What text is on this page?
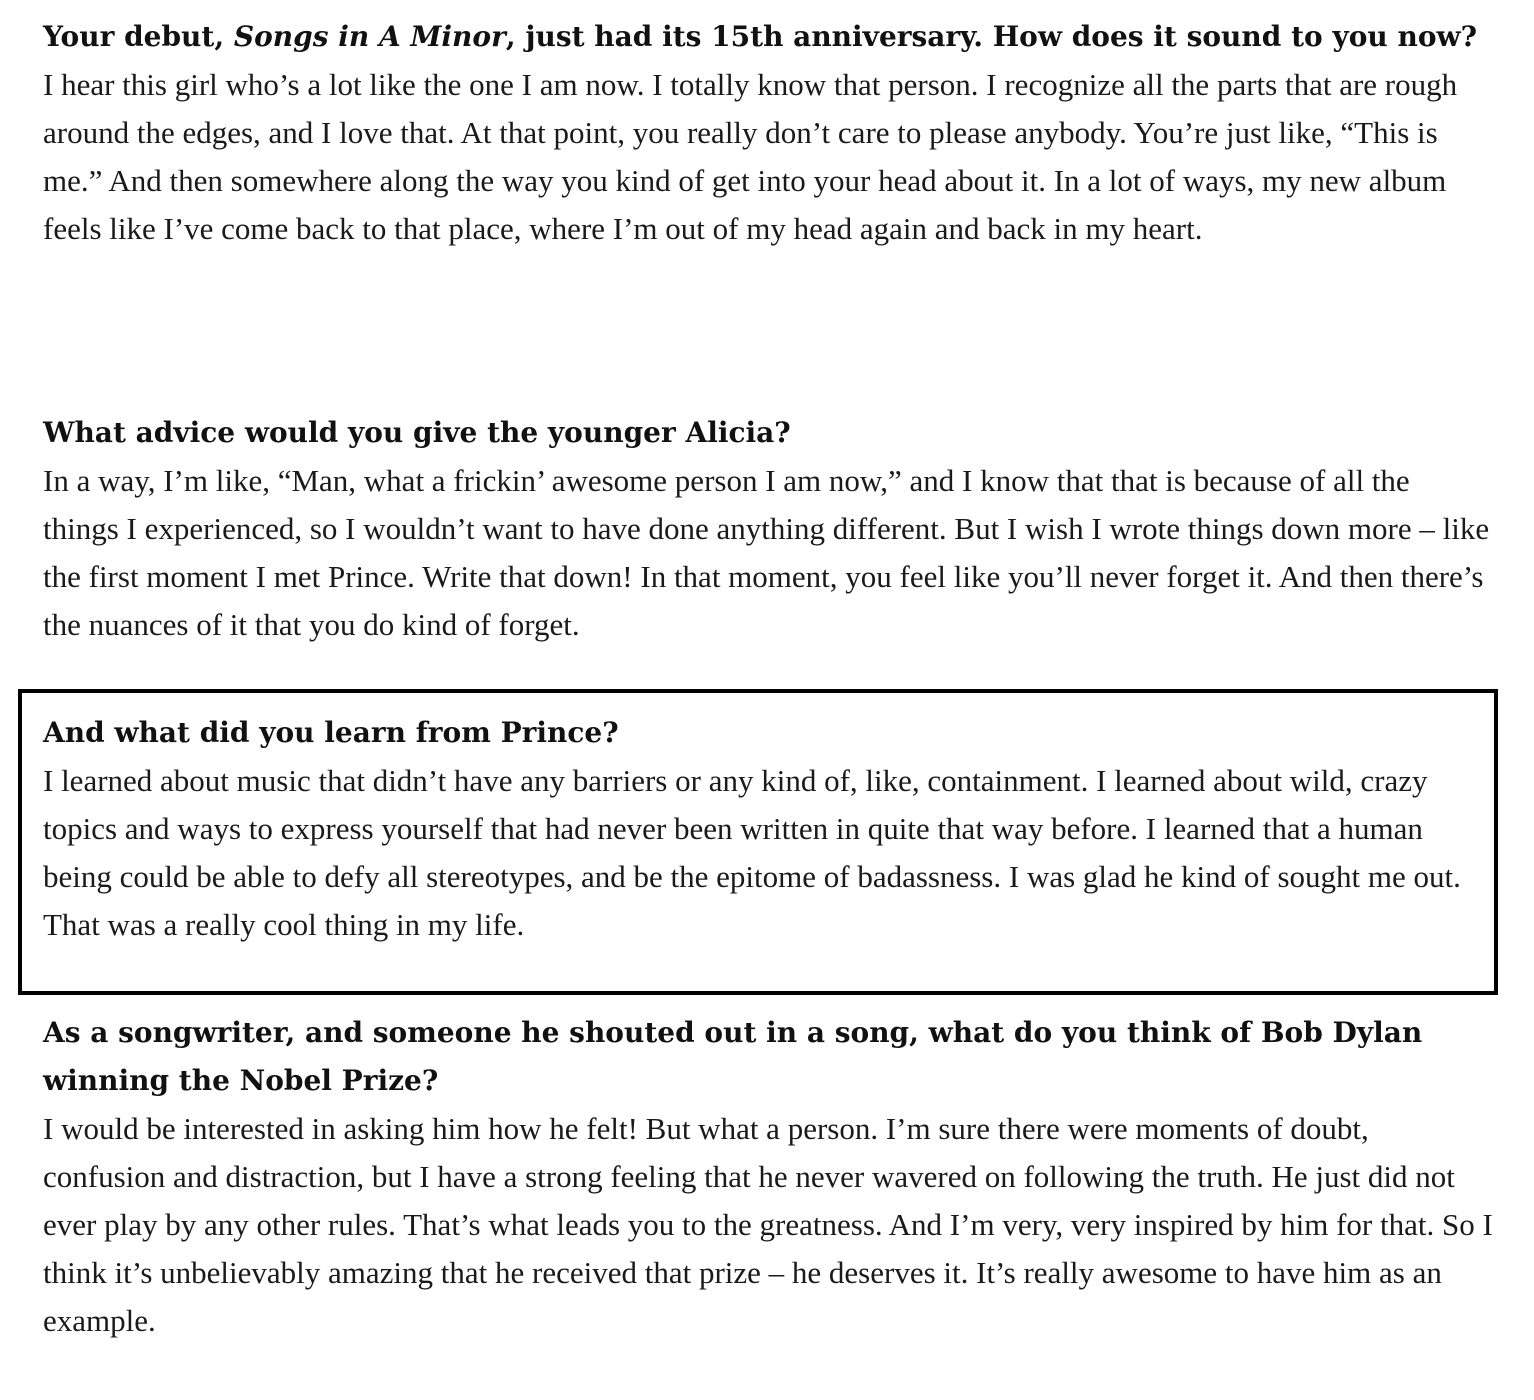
Your debut, Songs in A Minor, just had its 15th anniversary. How does it sound to you now?

I hear this girl who’s a lot like the one I am now. I totally know that person. I recognize all the parts that are rough around the edges, and I love that. At that point, you really don’t care to please anybody. You’re just like, “This is me.” And then somewhere along the way you kind of get into your head about it. In a lot of ways, my new album feels like I’ve come back to that place, where I’m out of my head again and back in my heart.

What advice would you give the younger Alicia?

In a way, I’m like, “Man, what a frickin’ awesome person I am now,” and I know that that is because of all the things I experienced, so I wouldn’t want to have done anything different. But I wish I wrote things down more – like the first moment I met Prince. Write that down! In that moment, you feel like you’ll never forget it. And then there’s the nuances of it that you do kind of forget.

And what did you learn from Prince?

I learned about music that didn’t have any barriers or any kind of, like, containment. I learned about wild, crazy topics and ways to express yourself that had never been written in quite that way before. I learned that a human being could be able to defy all stereotypes, and be the epitome of badassness. I was glad he kind of sought me out. That was a really cool thing in my life.

As a songwriter, and someone he shouted out in a song, what do you think of Bob Dylan winning the Nobel Prize?

I would be interested in asking him how he felt! But what a person. I’m sure there were moments of doubt, confusion and distraction, but I have a strong feeling that he never wavered on following the truth. He just did not ever play by any other rules. That’s what leads you to the greatness. And I’m very, very inspired by him for that. So I think it’s unbelievably amazing that he received that prize – he deserves it. It’s really awesome to have him as an example.
